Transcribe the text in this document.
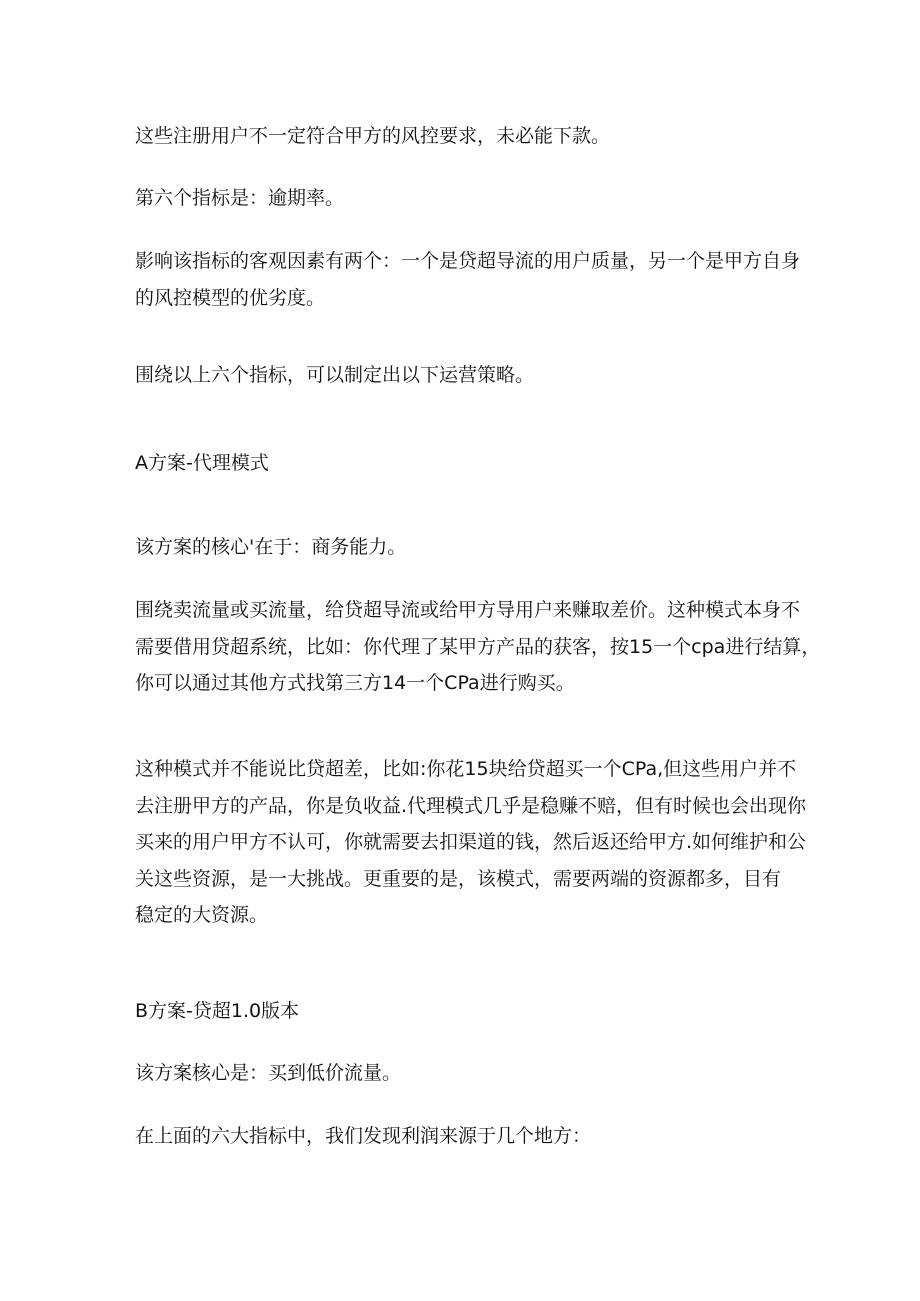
这些注册用户不一定符合甲方的风控要求，未必能下款。

第六个指标是：逾期率。

影响该指标的客观因素有两个：一个是贷超导流的用户质量，另一个是甲方自身
的风控模型的优劣度。

围绕以上六个指标，可以制定出以下运营策略。

A方案-代理模式

该方案的核心'在于：商务能力。

围绕卖流量或买流量，给贷超导流或给甲方导用户来赚取差价。这种模式本身不
需要借用贷超系统，比如：你代理了某甲方产品的获客，按15一个cpa进行结算，
你可以通过其他方式找第三方14一个CPa进行购买。

这种模式并不能说比贷超差，比如:你花15块给贷超买一个CPa,但这些用户并不
去注册甲方的产品，你是负收益.代理模式几乎是稳赚不赔，但有时候也会出现你
买来的用户甲方不认可，你就需要去扣渠道的钱，然后返还给甲方.如何维护和公
关这些资源，是一大挑战。更重要的是，该模式，需要两端的资源都多，目有
稳定的大资源。

B方案-贷超1.0版本

该方案核心是：买到低价流量。

在上面的六大指标中，我们发现利润来源于几个地方：
